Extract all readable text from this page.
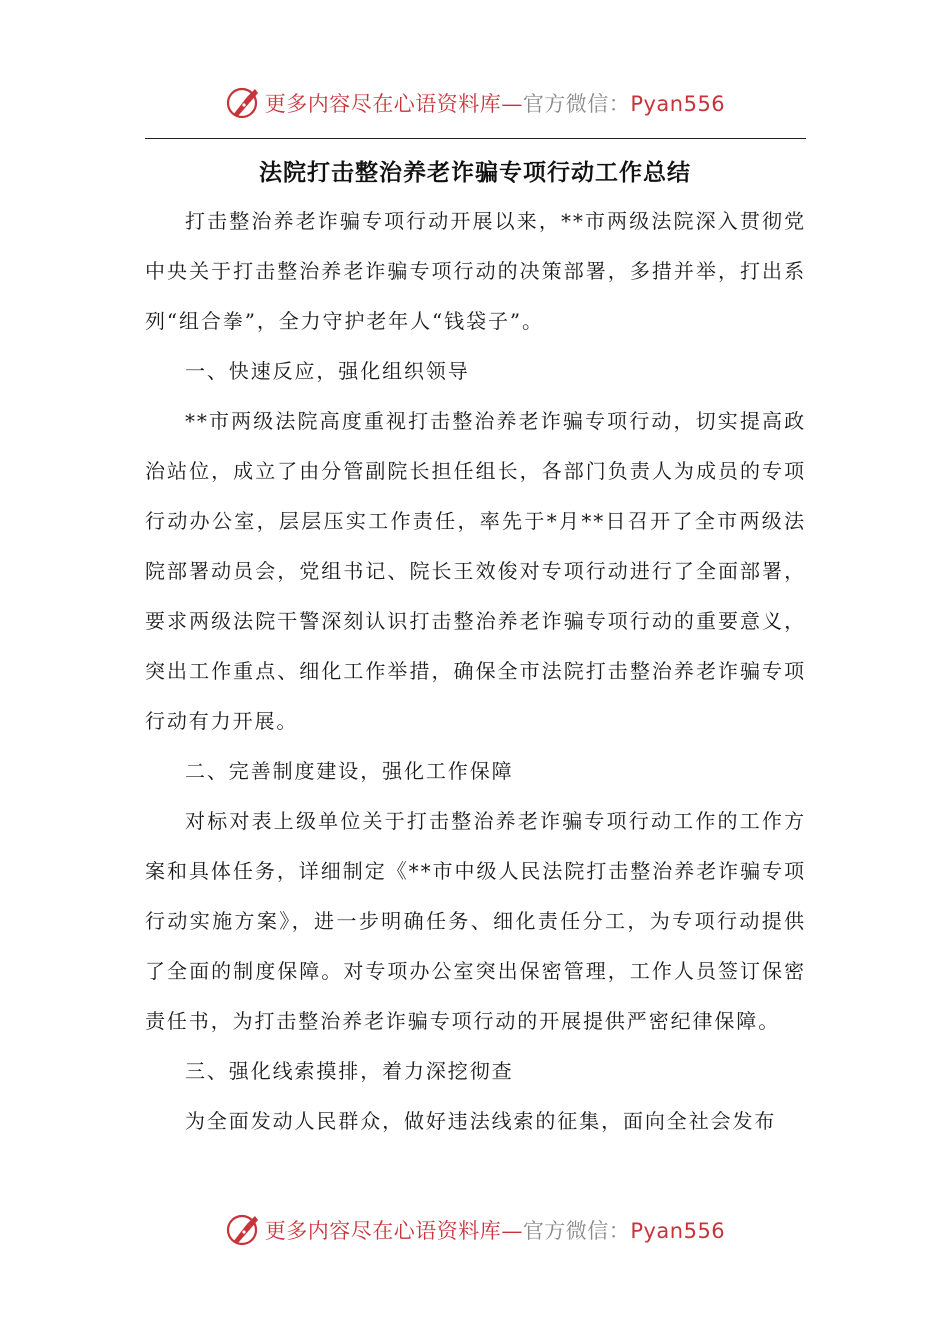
更多内容尽在心语资料库—官方微信：Pyan556
法院打击整治养老诈骗专项行动工作总结

打击整治养老诈骗专项行动开展以来，**市两级法院深入贯彻党中央关于打击整治养老诈骗专项行动的决策部署，多措并举，打出系列“组合拳”，全力守护老年人“钱袋子”。

一、快速反应，强化组织领导

**市两级法院高度重视打击整治养老诈骗专项行动，切实提高政治站位，成立了由分管副院长担任组长，各部门负责人为成员的专项行动办公室，层层压实工作责任，率先于*月**日召开了全市两级法院部署动员会，党组书记、院长王效俊对专项行动进行了全面部署，要求两级法院干警深刻认识打击整治养老诈骗专项行动的重要意义，突出工作重点、细化工作举措，确保全市法院打击整治养老诈骗专项行动有力开展。

二、完善制度建设，强化工作保障

对标对表上级单位关于打击整治养老诈骗专项行动工作的工作方案和具体任务，详细制定《**市中级人民法院打击整治养老诈骗专项行动实施方案》，进一步明确任务、细化责任分工，为专项行动提供了全面的制度保障。对专项办公室突出保密管理，工作人员签订保密责任书，为打击整治养老诈骗专项行动的开展提供严密纪律保障。

三、强化线索摸排，着力深挖彻查

为全面发动人民群众，做好违法线索的征集，面向全社会发布

更多内容尽在心语资料库—官方微信：Pyan556
